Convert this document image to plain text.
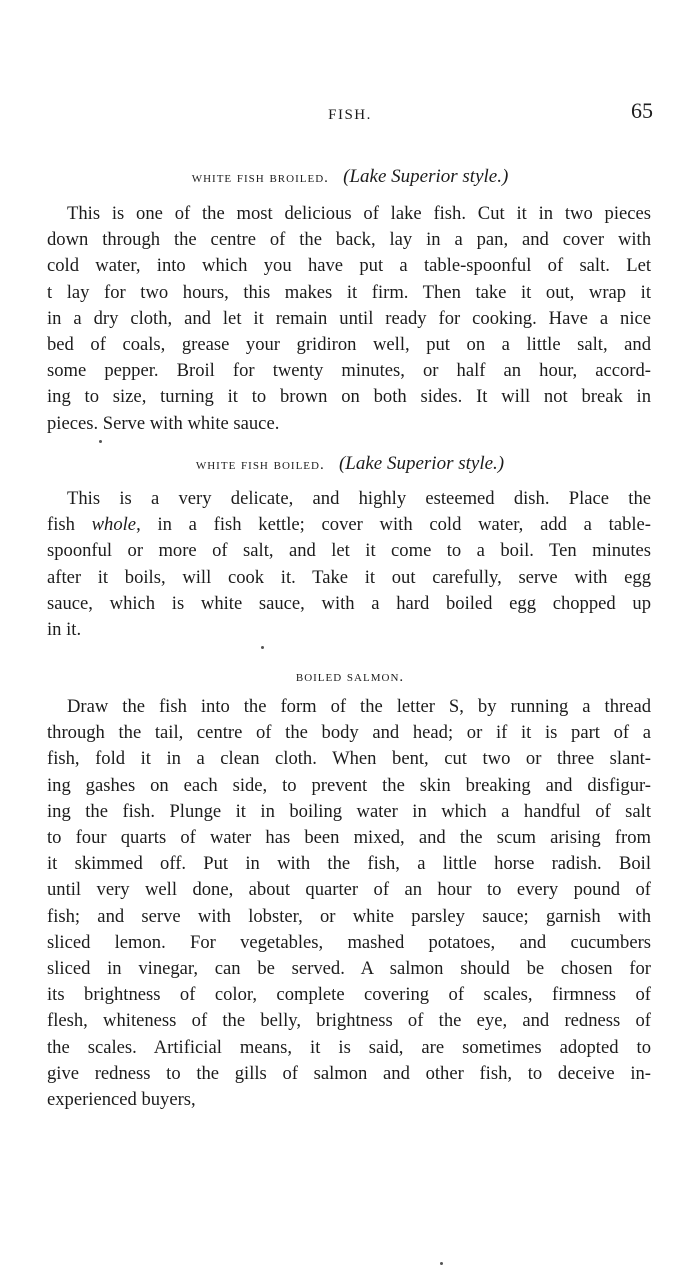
FISH.	65
white fish broiled. (Lake Superior style.)
This is one of the most delicious of lake fish. Cut it in two pieces
down through the centre of the back, lay in a pan, and cover with
cold water, into which you have put a table-spoonful of salt. Let
t lay for two hours, this makes it firm. Then take it out, wrap it
in a dry cloth, and let it remain until ready for cooking. Have a nice
bed of coals, grease your gridiron well, put on a little salt, and
some pepper. Broil for twenty minutes, or half an hour, accord-
ing to size, turning it to brown on both sides. It will not break in
pieces. Serve with white sauce.
white fish boiled. (Lake Superior style.)
This is a very delicate, and highly esteemed dish. Place the
fish whole, in a fish kettle; cover with cold water, add a table-
spoonful or more of salt, and let it come to a boil. Ten minutes
after it boils, will cook it. Take it out carefully, serve with egg
sauce, which is white sauce, with a hard boiled egg chopped up
in it.
boiled salmon.
Draw the fish into the form of the letter S, by running a thread
through the tail, centre of the body and head; or if it is part of a
fish, fold it in a clean cloth. When bent, cut two or three slant-
ing gashes on each side, to prevent the skin breaking and disfigur-
ing the fish. Plunge it in boiling water in which a handful of salt
to four quarts of water has been mixed, and the scum arising from
it skimmed off. Put in with the fish, a little horse radish. Boil
until very well done, about quarter of an hour to every pound of
fish; and serve with lobster, or white parsley sauce; garnish with
sliced lemon. For vegetables, mashed potatoes, and cucumbers
sliced in vinegar, can be served. A salmon should be chosen for
its brightness of color, complete covering of scales, firmness of
flesh, whiteness of the belly, brightness of the eye, and redness of
the scales. Artificial means, it is said, are sometimes adopted to
give redness to the gills of salmon and other fish, to deceive in-
experienced buyers,
